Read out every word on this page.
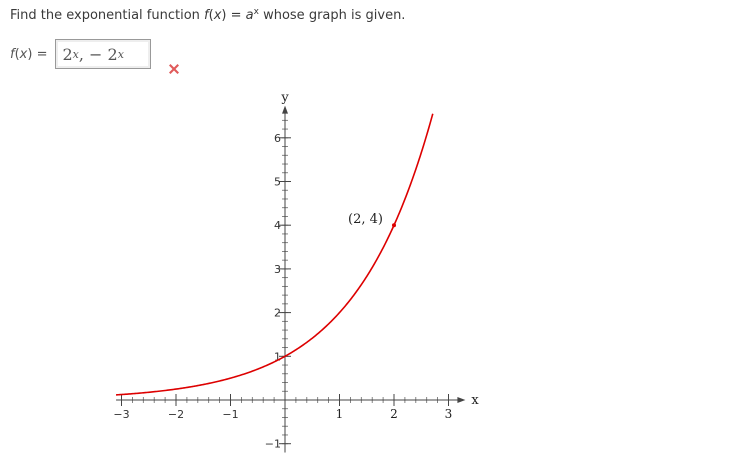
Find the exponential function $f(x) = a^x$ whose graph is given.
f(x) = 2 x , − 2 x
−3	−2	−1	1	2	3
−1
1
2
3
4
5
6
x
y
(2, 4)
